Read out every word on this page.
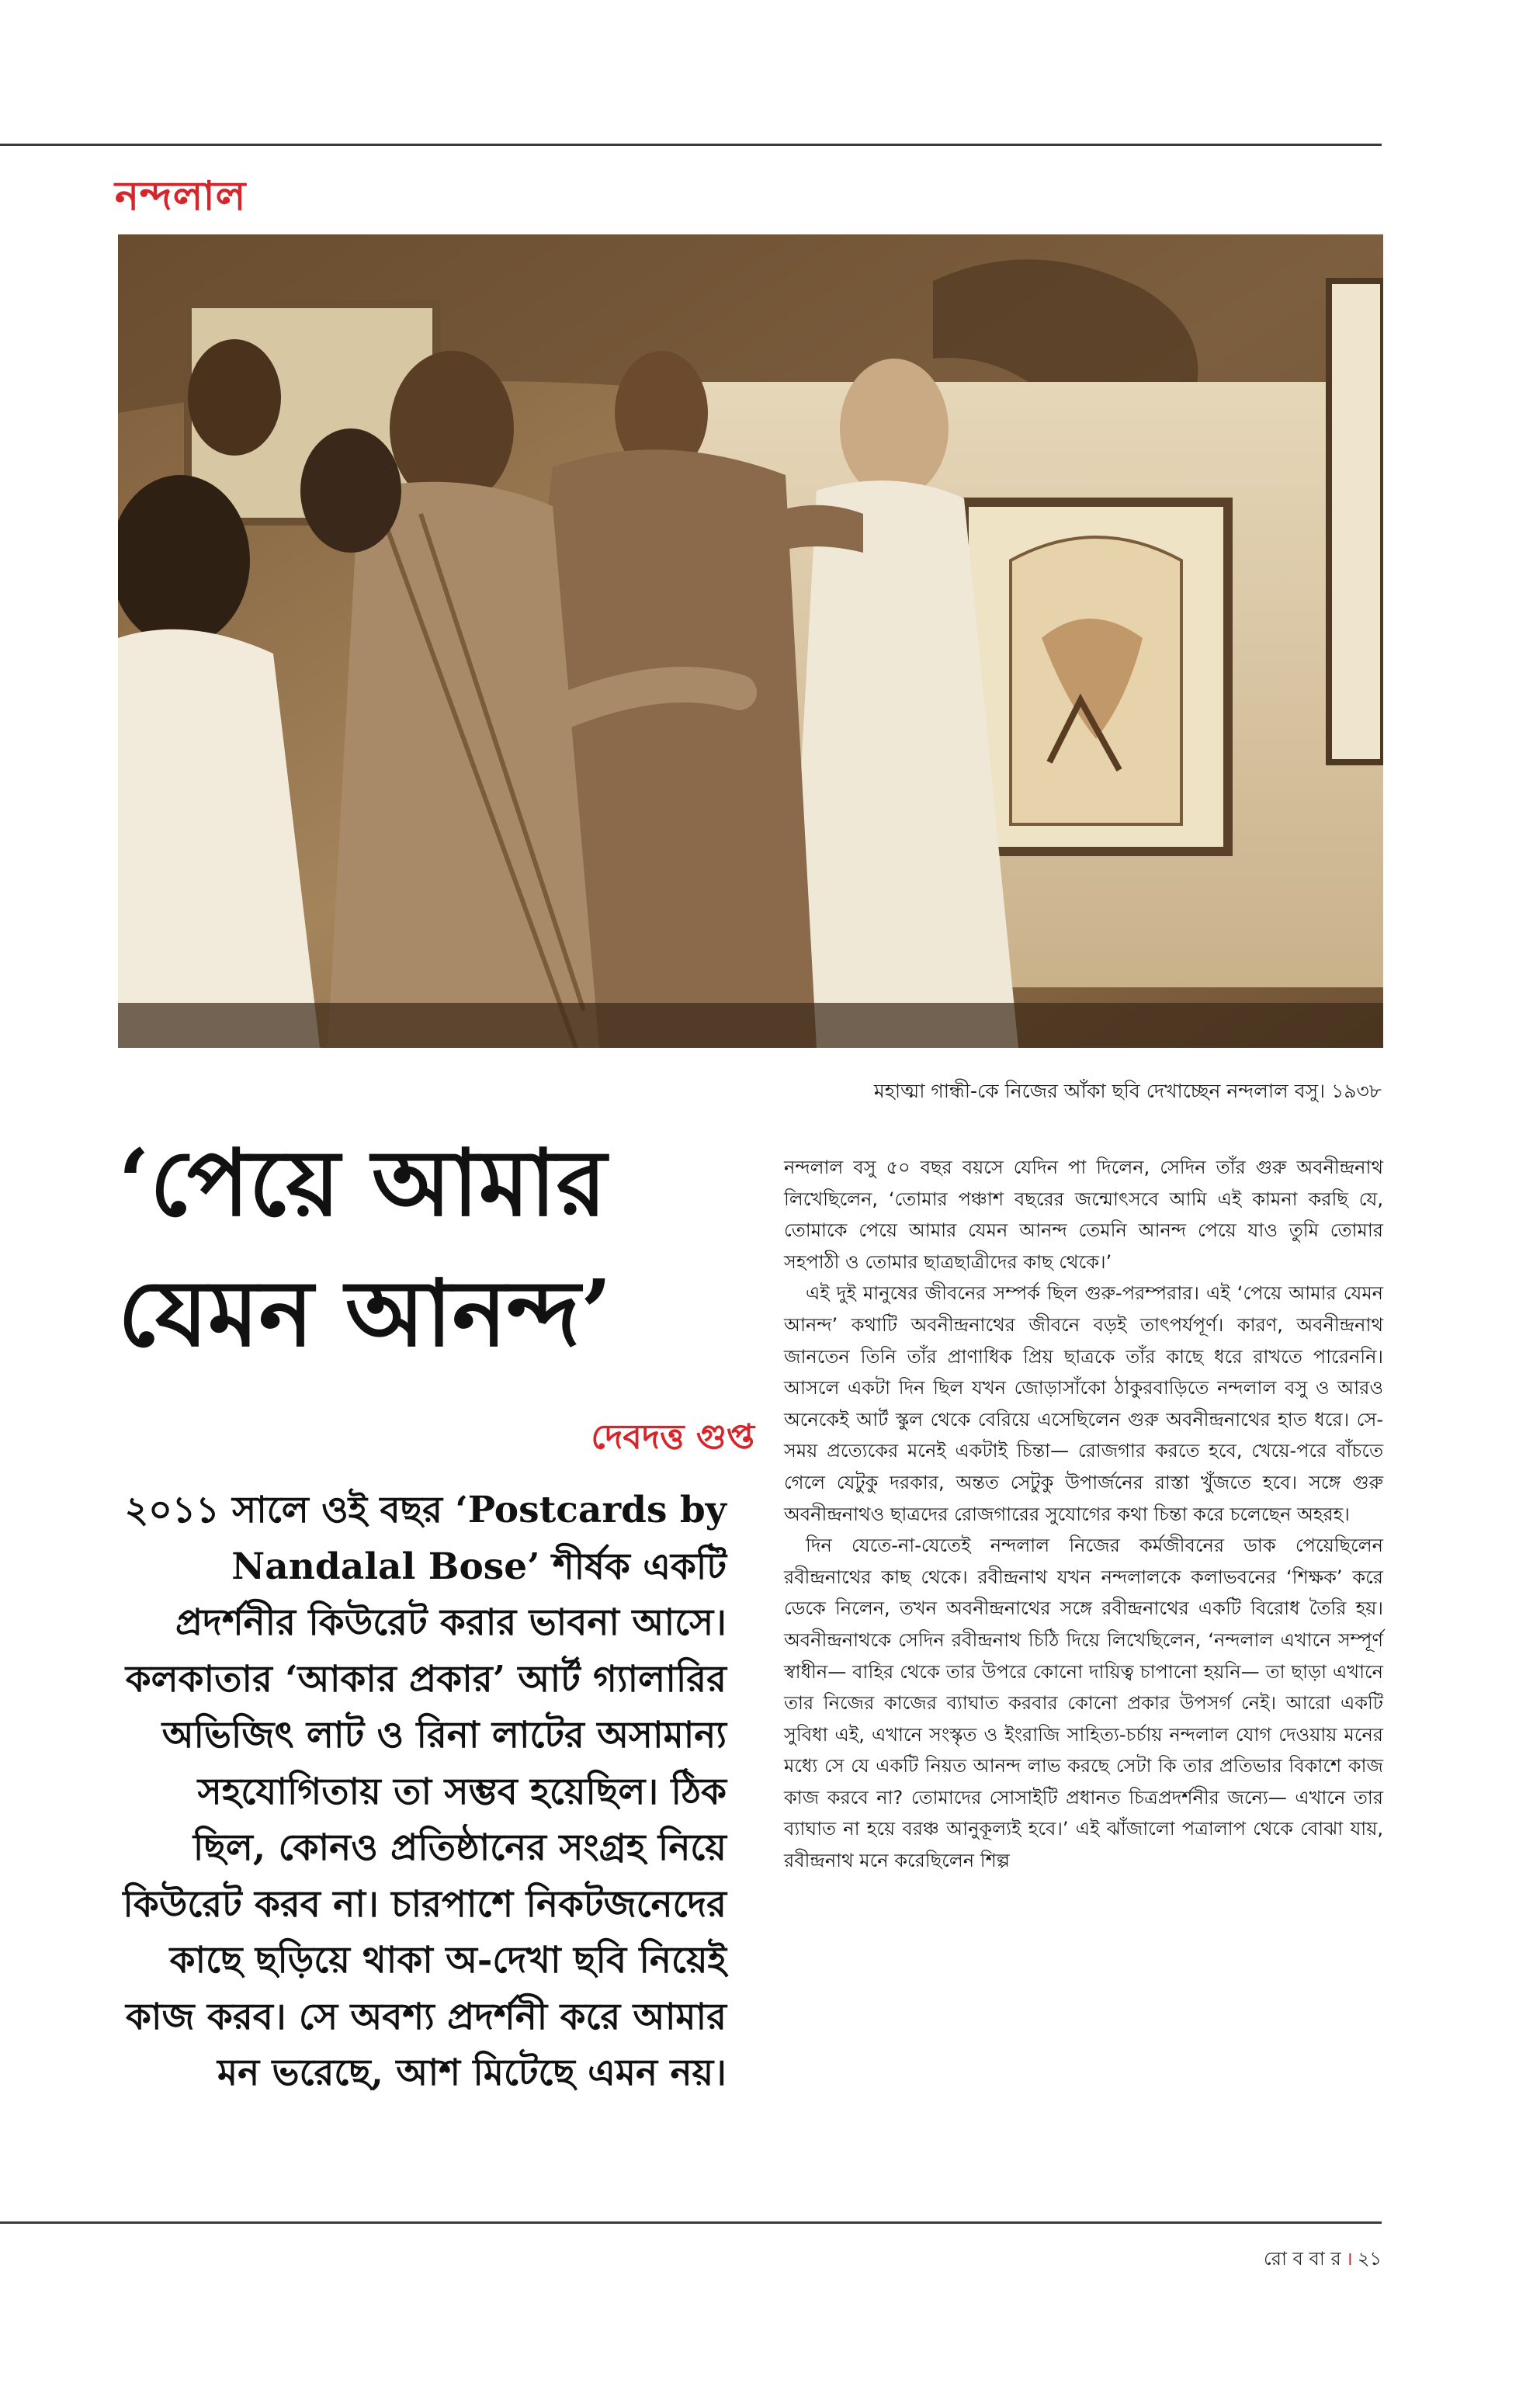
নন্দলাল
মহাত্মা গান্ধী-কে নিজের আঁকা ছবি দেখাচ্ছেন নন্দলাল বসু। ১৯৩৮
‘পেয়ে আমার
যেমন আনন্দ’
দেবদত্ত গুপ্ত
২০১১ সালে ওই বছর ‘Postcards by Nandalal Bose’ শীর্ষক একটি প্রদর্শনীর কিউরেট করার ভাবনা আসে। কলকাতার ‘আকার প্রকার’ আর্ট গ্যালারির অভিজিৎ লাট ও রিনা লাটের অসামান্য সহযোগিতায় তা সম্ভব হয়েছিল। ঠিক ছিল, কোনও প্রতিষ্ঠানের সংগ্রহ নিয়ে কিউরেট করব না। চারপাশে নিকটজনেদের কাছে ছড়িয়ে থাকা অ-দেখা ছবি নিয়েই কাজ করব। সে অবশ্য প্রদর্শনী করে আমার মন ভরেছে, আশ মিটেছে এমন নয়।

নন্দলাল বসু ৫০ বছর বয়সে যেদিন পা দিলেন, সেদিন তাঁর গুরু অবনীন্দ্রনাথ লিখেছিলেন, ‘তোমার পঞ্চাশ বছরের জন্মোৎসবে আমি এই কামনা করছি যে, তোমাকে পেয়ে আমার যেমন আনন্দ তেমনি আনন্দ পেয়ে যাও তুমি তোমার সহপাঠী ও তোমার ছাত্রছাত্রীদের কাছ থেকে।’

এই দুই মানুষের জীবনের সম্পর্ক ছিল গুরু-পরম্পরার। এই ‘পেয়ে আমার যেমন আনন্দ’ কথাটি অবনীন্দ্রনাথের জীবনে বড়ই তাৎপর্যপূর্ণ। কারণ, অবনীন্দ্রনাথ জানতেন তিনি তাঁর প্রাণাধিক প্রিয় ছাত্রকে তাঁর কাছে ধরে রাখতে পারেননি। আসলে একটা দিন ছিল যখন জোড়াসাঁকো ঠাকুরবাড়িতে নন্দলাল বসু ও আরও অনেকেই আর্ট স্কুল থেকে বেরিয়ে এসেছিলেন গুরু অবনীন্দ্রনাথের হাত ধরে। সে-সময় প্রত্যেকের মনেই একটাই চিন্তা— রোজগার করতে হবে, খেয়ে-পরে বাঁচতে গেলে যেটুকু দরকার, অন্তত সেটুকু উপার্জনের রাস্তা খুঁজতে হবে। সঙ্গে গুরু অবনীন্দ্রনাথও ছাত্রদের রোজগারের সুযোগের কথা চিন্তা করে চলেছেন অহরহ।

দিন যেতে-না-যেতেই নন্দলাল নিজের কর্মজীবনের ডাক পেয়েছিলেন রবীন্দ্রনাথের কাছ থেকে। রবীন্দ্রনাথ যখন নন্দলালকে কলাভবনের ‘শিক্ষক’ করে ডেকে নিলেন, তখন অবনীন্দ্রনাথের সঙ্গে রবীন্দ্রনাথের একটি বিরোধ তৈরি হয়। অবনীন্দ্রনাথকে সেদিন রবীন্দ্রনাথ চিঠি দিয়ে লিখেছিলেন, ‘নন্দলাল এখানে সম্পূর্ণ স্বাধীন— বাহির থেকে তার উপরে কোনো দায়িত্ব চাপানো হয়নি— তা ছাড়া এখানে তার নিজের কাজের ব্যাঘাত করবার কোনো প্রকার উপসর্গ নেই। আরো একটি সুবিধা এই, এখানে সংস্কৃত ও ইংরাজি সাহিত্য-চর্চায় নন্দলাল যোগ দেওয়ায় মনের মধ্যে সে যে একটি নিয়ত আনন্দ লাভ করছে সেটা কি তার প্রতিভার বিকাশে কাজ কাজ করবে না? তোমাদের সোসাইটি প্রধানত চিত্রপ্রদর্শনীর জন্যে— এখানে তার ব্যাঘাত না হয়ে বরঞ্চ আনুকূল্যই হবে।’ এই ঝাঁজালো পত্রালাপ থেকে বোঝা যায়, রবীন্দ্রনাথ মনে করেছিলেন শিল্প

রো ব বা র । ২১
